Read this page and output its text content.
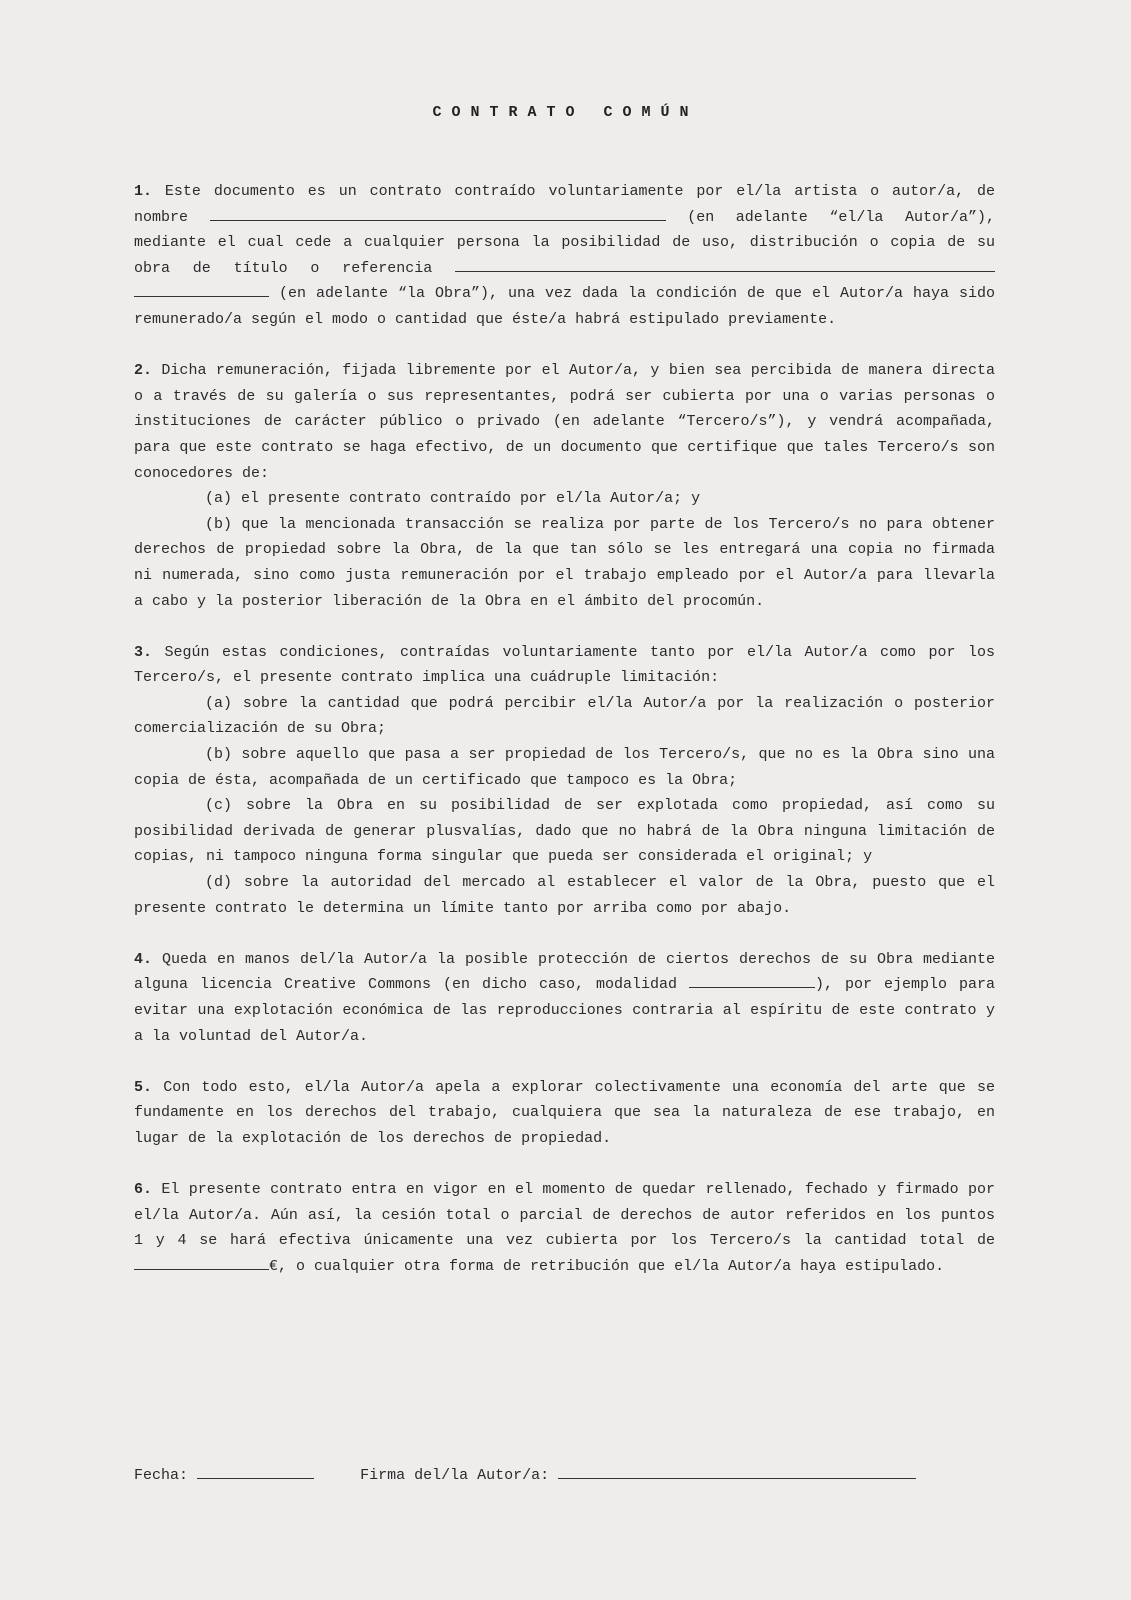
CONTRATO COMÚN

1. Este documento es un contrato contraído voluntariamente por el/la artista o autor/a, de nombre	(en adelante “el/la Autor/a”), mediante el cual cede a cualquier persona la posibilidad de uso, distribución o copia de su obra de título o referencia   (en adelante “la Obra”), una vez dada la condición de que el Autor/a haya sido remunerado/a según el modo o cantidad que éste/a habrá estipulado previamente.

2. Dicha remuneración, fijada libremente por el Autor/a, y bien sea percibida de manera directa o a través de su galería o sus representantes, podrá ser cubierta por una o varias personas o instituciones de carácter público o privado (en adelante “Tercero/s”), y vendrá acompañada, para que este contrato se haga efectivo, de un documento que certifique que tales Tercero/s son conocedores de:

(a) el presente contrato contraído por el/la Autor/a; y

(b) que la mencionada transacción se realiza por parte de los Tercero/s no para obtener derechos de propiedad sobre la Obra, de la que tan sólo se les entregará una copia no firmada ni numerada, sino como justa remuneración por el trabajo empleado por el Autor/a para llevarla a cabo y la posterior liberación de la Obra en el ámbito del procomún.

3. Según estas condiciones, contraídas voluntariamente tanto por el/la Autor/a como por los Tercero/s, el presente contrato implica una cuádruple limitación:

(a) sobre la cantidad que podrá percibir el/la Autor/a por la realización o posterior comercialización de su Obra;

(b) sobre aquello que pasa a ser propiedad de los Tercero/s, que no es la Obra sino una copia de ésta, acompañada de un certificado que tampoco es la Obra;

(c) sobre la Obra en su posibilidad de ser explotada como propiedad, así como su posibilidad derivada de generar plusvalías, dado que no habrá de la Obra ninguna limitación de copias, ni tampoco ninguna forma singular que pueda ser considerada el original; y

(d) sobre la autoridad del mercado al establecer el valor de la Obra, puesto que el presente contrato le determina un límite tanto por arriba como por abajo.

4. Queda en manos del/la Autor/a la posible protección de ciertos derechos de su Obra mediante alguna licencia Creative Commons (en dicho caso, modalidad	), por ejemplo para evitar una explotación económica de las reproducciones contraria al espíritu de este contrato y a la voluntad del Autor/a.

5. Con todo esto, el/la Autor/a apela a explorar colectivamente una economía del arte que se fundamente en los derechos del trabajo, cualquiera que sea la naturaleza de ese trabajo, en lugar de la explotación de los derechos de propiedad.

6. El presente contrato entra en vigor en el momento de quedar rellenado, fechado y firmado por el/la Autor/a. Aún así, la cesión total o parcial de derechos de autor referidos en los puntos 1 y 4 se hará efectiva únicamente una vez cubierta por los Tercero/s la cantidad total de €, o cualquier otra forma de retribución que el/la Autor/a haya estipulado.

Fecha:	Firma del/la Autor/a:
